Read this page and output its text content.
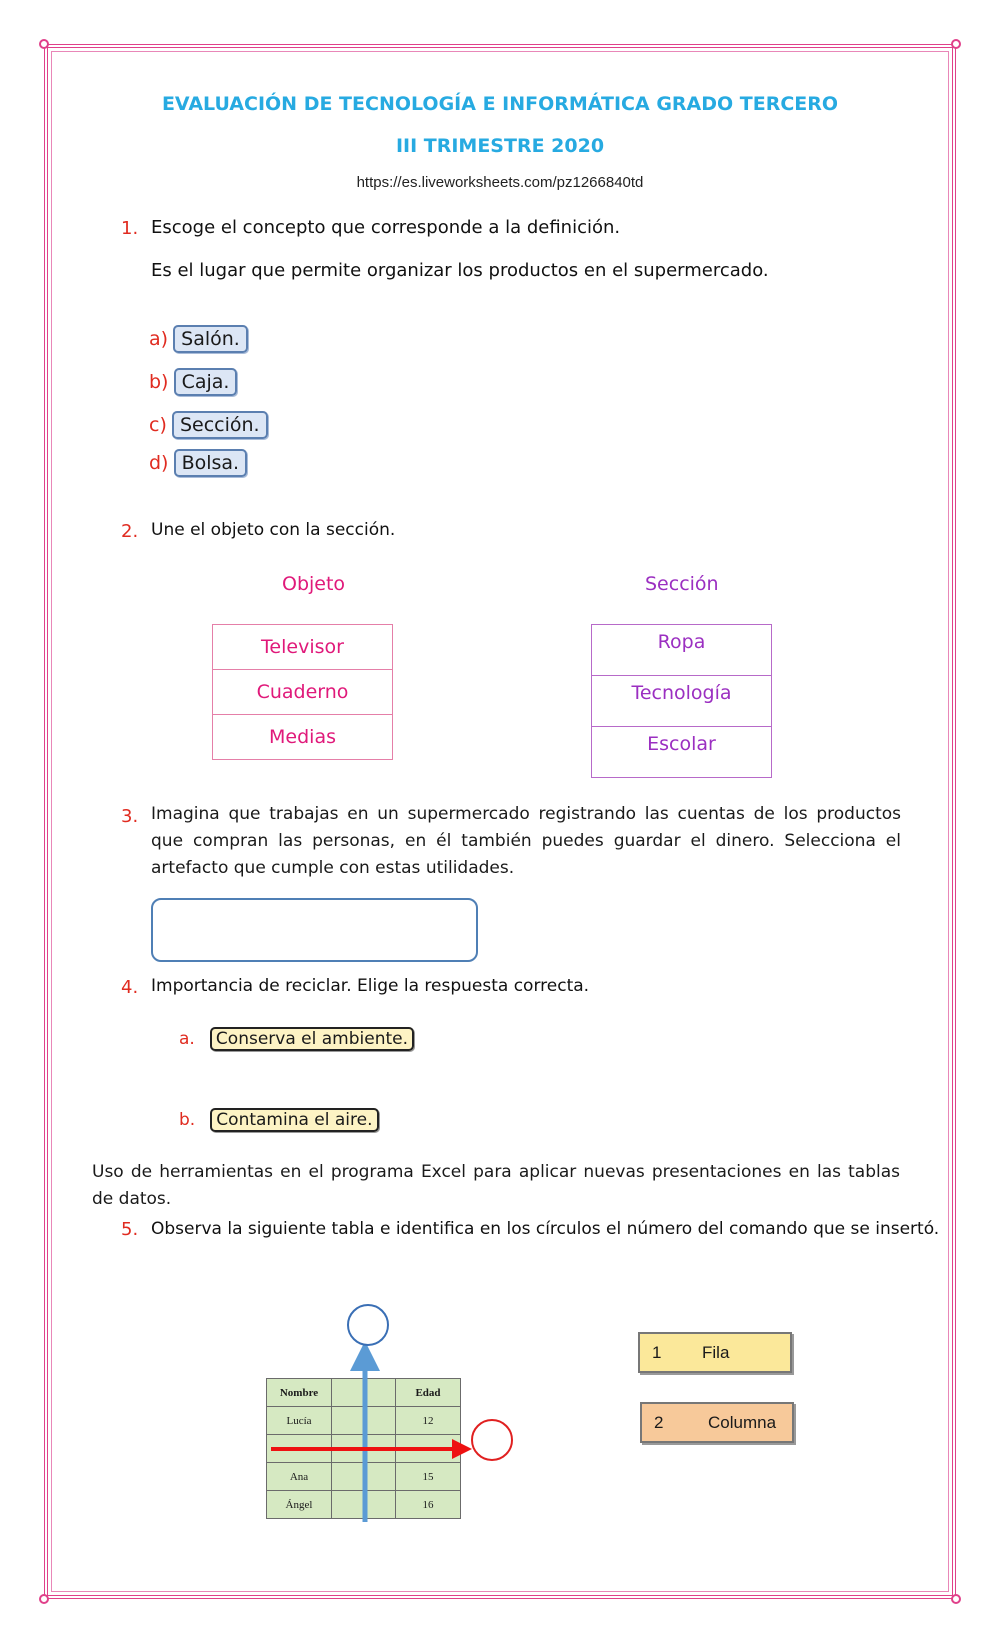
EVALUACIÓN DE TECNOLOGÍA E INFORMÁTICA GRADO TERCERO
III TRIMESTRE 2020
https://es.liveworksheets.com/pz1266840td
1. Escoge el concepto que corresponde a la definición.
Es el lugar que permite organizar los productos en el supermercado.
a) Salón.
b) Caja.
c) Sección.
d) Bolsa.
2. Une el objeto con la sección.
Objeto	Sección
Televisor
Cuaderno
Medias
Ropa
Tecnología
Escolar
3. Imagina que trabajas en un supermercado registrando las cuentas de los productos que compran las personas, en él también puedes guardar el dinero. Selecciona el artefacto que cumple con estas utilidades.
4. Importancia de reciclar. Elige la respuesta correcta.
a. Conserva el ambiente.
b. Contamina el aire.
Uso de herramientas en el programa Excel para aplicar nuevas presentaciones en las tablas de datos.
5. Observa la siguiente tabla e identifica en los círculos el número del comando que se insertó.
Nombre		Edad
Lucía		12

Ana		15
Ángel		16
1 Fila
2	Columna
